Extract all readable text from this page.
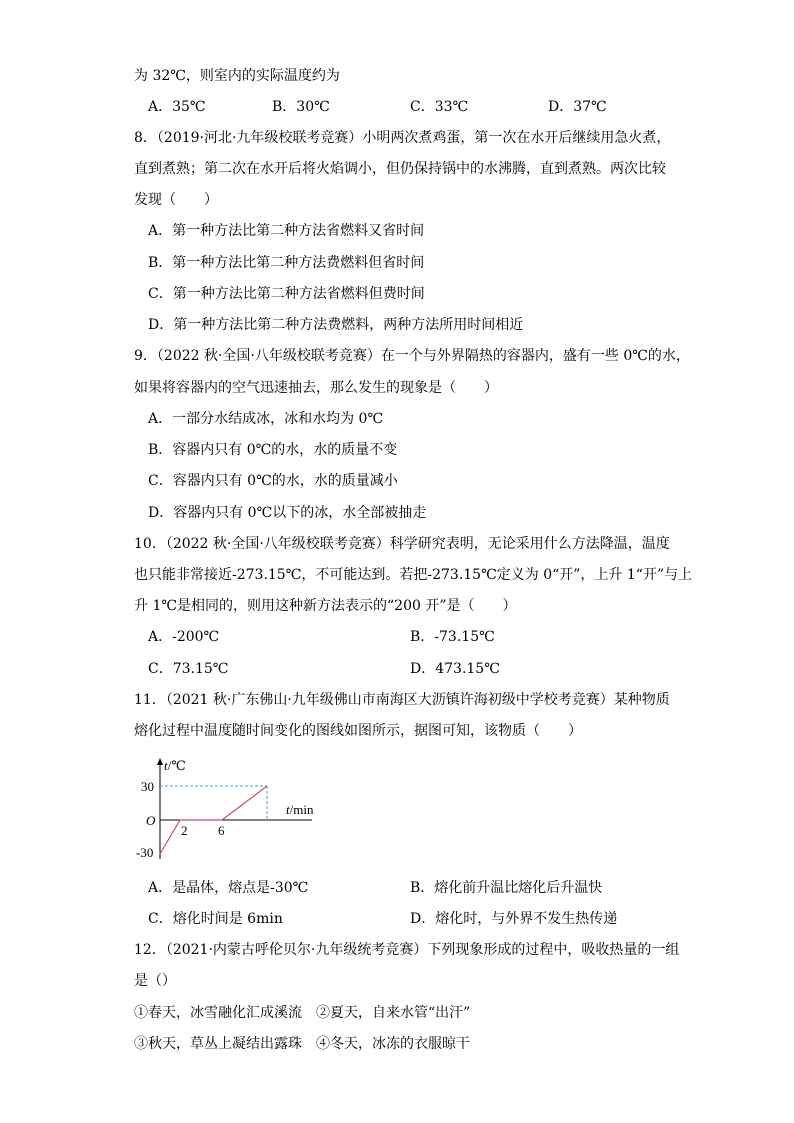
为 32℃，则室内的实际温度约为
A．35℃	B．30℃	C．33℃	D．37℃
8．（2019·河北·九年级校联考竞赛）小明两次煮鸡蛋，第一次在水开后继续用急火煮，
直到煮熟；第二次在水开后将火焰调小，但仍保持锅中的水沸腾，直到煮熟。两次比较
发现（　　）
A．第一种方法比第二种方法省燃料又省时间
B．第一种方法比第二种方法费燃料但省时间
C．第一种方法比第二种方法省燃料但费时间
D．第一种方法比第二种方法费燃料，两种方法所用时间相近
9．（2022 秋·全国·八年级校联考竞赛）在一个与外界隔热的容器内，盛有一些 0℃的水，
如果将容器内的空气迅速抽去，那么发生的现象是（　　）
A．一部分水结成冰，冰和水均为 0℃
B．容器内只有 0℃的水，水的质量不变
C．容器内只有 0℃的水，水的质量减小
D．容器内只有 0℃以下的冰，水全部被抽走
10．（2022 秋·全国·八年级校联考竞赛）科学研究表明，无论采用什么方法降温，温度
也只能非常接近-273.15℃，不可能达到。若把-273.15℃定义为 0“开”，上升 1“开”与上
升 1℃是相同的，则用这种新方法表示的“200 开”是（　　）
A．-200℃	B．-73.15℃
C．73.15℃	D．473.15℃
11．（2021 秋·广东佛山·九年级佛山市南海区大沥镇许海初级中学校考竞赛）某种物质
熔化过程中温度随时间变化的图线如图所示，据图可知，该物质（　　）
t/℃
t/min
30
-30
O
2 6
A．是晶体，熔点是-30℃	B．熔化前升温比熔化后升温快
C．熔化时间是 6min	D．熔化时，与外界不发生热传递
12．（2021·内蒙古呼伦贝尔·九年级统考竞赛）下列现象形成的过程中，吸收热量的一组
是（）
①春天，冰雪融化汇成溪流　②夏天，自来水管“出汗”
③秋天，草丛上凝结出露珠　④冬天，冰冻的衣服晾干
